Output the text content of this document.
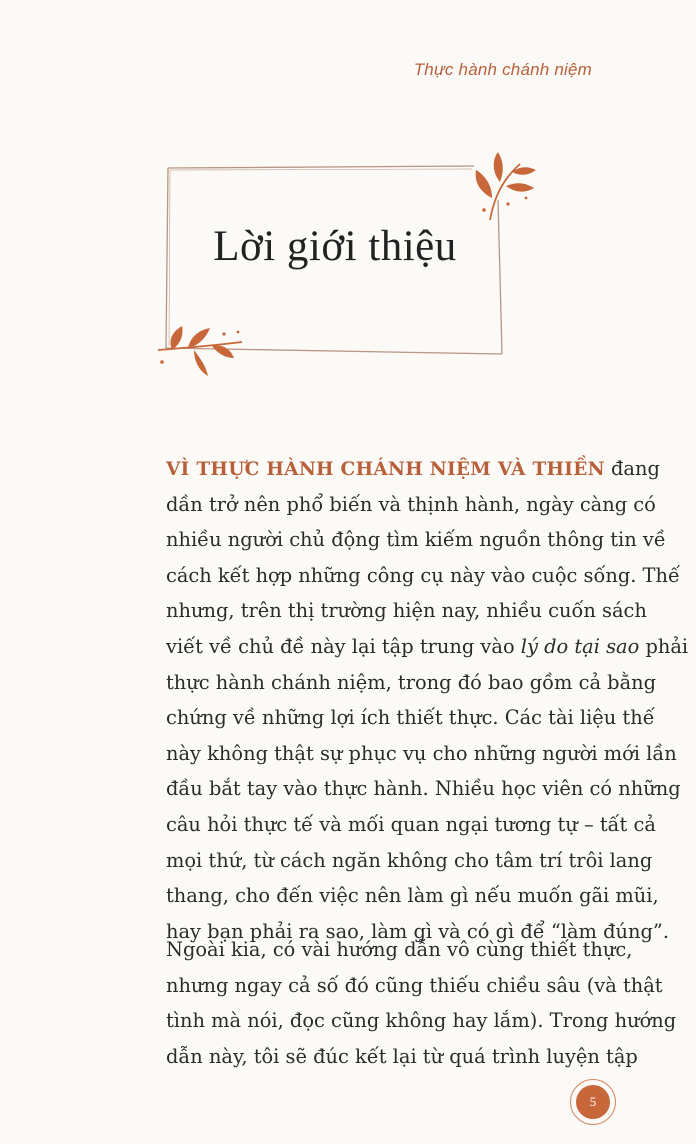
Thực hành chánh niệm
Lời giới thiệu
VÌ THỰC HÀNH CHÁNH NIỆM VÀ THIỀN đang
dần trở nên phổ biến và thịnh hành, ngày càng có
nhiều người chủ động tìm kiếm nguồn thông tin về
cách kết hợp những công cụ này vào cuộc sống. Thế
nhưng, trên thị trường hiện nay, nhiều cuốn sách
viết về chủ đề này lại tập trung vào lý do tại sao phải
thực hành chánh niệm, trong đó bao gồm cả bằng
chứng về những lợi ích thiết thực. Các tài liệu thế
này không thật sự phục vụ cho những người mới lần
đầu bắt tay vào thực hành. Nhiều học viên có những
câu hỏi thực tế và mối quan ngại tương tự – tất cả
mọi thứ, từ cách ngăn không cho tâm trí trôi lang
thang, cho đến việc nên làm gì nếu muốn gãi mũi,
hay bạn phải ra sao, làm gì và có gì để “làm đúng”.
Ngoài kia, có vài hướng dẫn vô cùng thiết thực,
nhưng ngay cả số đó cũng thiếu chiều sâu (và thật
tình mà nói, đọc cũng không hay lắm). Trong hướng
dẫn này, tôi sẽ đúc kết lại từ quá trình luyện tập
5
